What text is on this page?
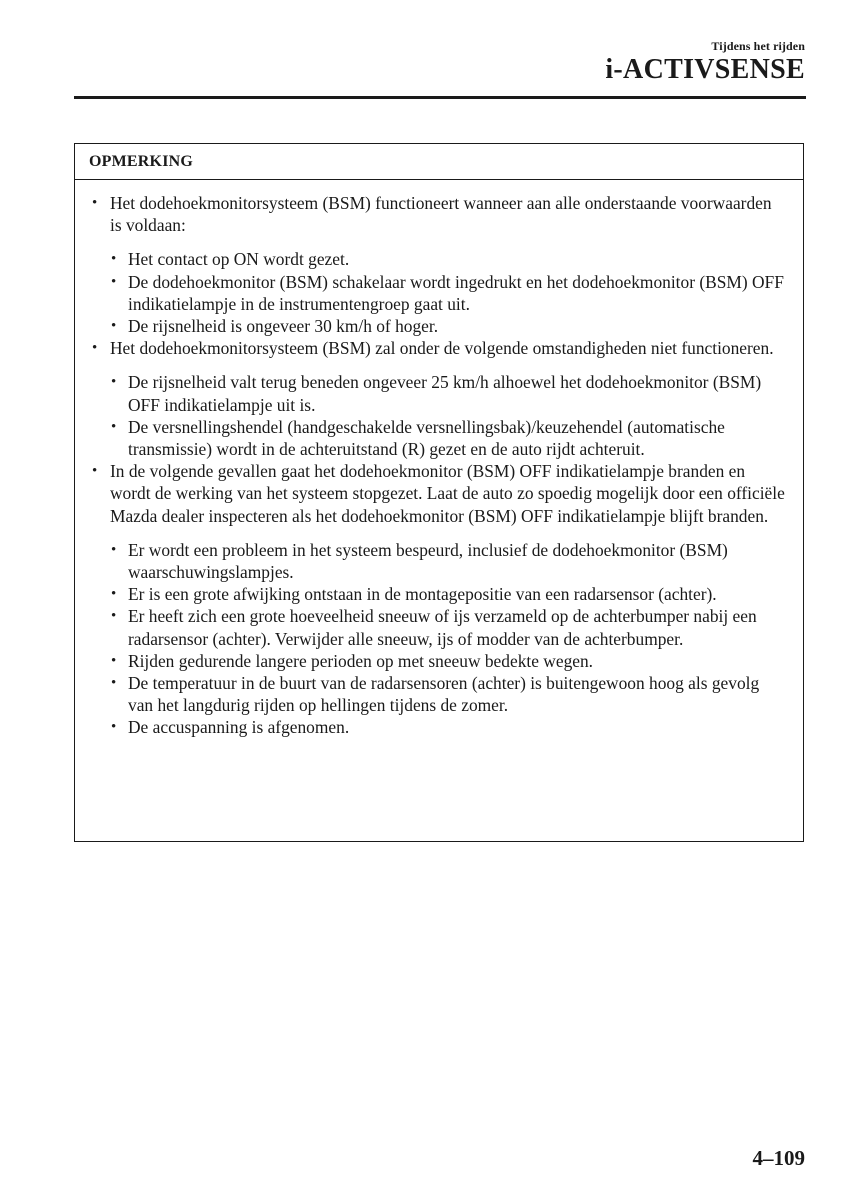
Tijdens het rijden
i-ACTIVSENSE
OPMERKING
• Het dodehoekmonitorsysteem (BSM) functioneert wanneer aan alle onderstaande voorwaarden is voldaan:
• Het contact op ON wordt gezet.
• De dodehoekmonitor (BSM) schakelaar wordt ingedrukt en het dodehoekmonitor (BSM) OFF indikatielampje in de instrumentengroep gaat uit.
• De rijsnelheid is ongeveer 30 km/h of hoger.
• Het dodehoekmonitorsysteem (BSM) zal onder de volgende omstandigheden niet functioneren.
• De rijsnelheid valt terug beneden ongeveer 25 km/h alhoewel het dodehoekmonitor (BSM) OFF indikatielampje uit is.
• De versnellingshendel (handgeschakelde versnellingsbak)/keuzehendel (automatische transmissie) wordt in de achteruitstand (R) gezet en de auto rijdt achteruit.
• In de volgende gevallen gaat het dodehoekmonitor (BSM) OFF indikatielampje branden en wordt de werking van het systeem stopgezet. Laat de auto zo spoedig mogelijk door een officiële Mazda dealer inspecteren als het dodehoekmonitor (BSM) OFF indikatielampje blijft branden.
• Er wordt een probleem in het systeem bespeurd, inclusief de dodehoekmonitor (BSM) waarschuwingslampjes.
• Er is een grote afwijking ontstaan in de montagepositie van een radarsensor (achter).
• Er heeft zich een grote hoeveelheid sneeuw of ijs verzameld op de achterbumper nabij een radarsensor (achter). Verwijder alle sneeuw, ijs of modder van de achterbumper.
• Rijden gedurende langere perioden op met sneeuw bedekte wegen.
• De temperatuur in de buurt van de radarsensoren (achter) is buitengewoon hoog als gevolg van het langdurig rijden op hellingen tijdens de zomer.
• De accuspanning is afgenomen.
4–109
